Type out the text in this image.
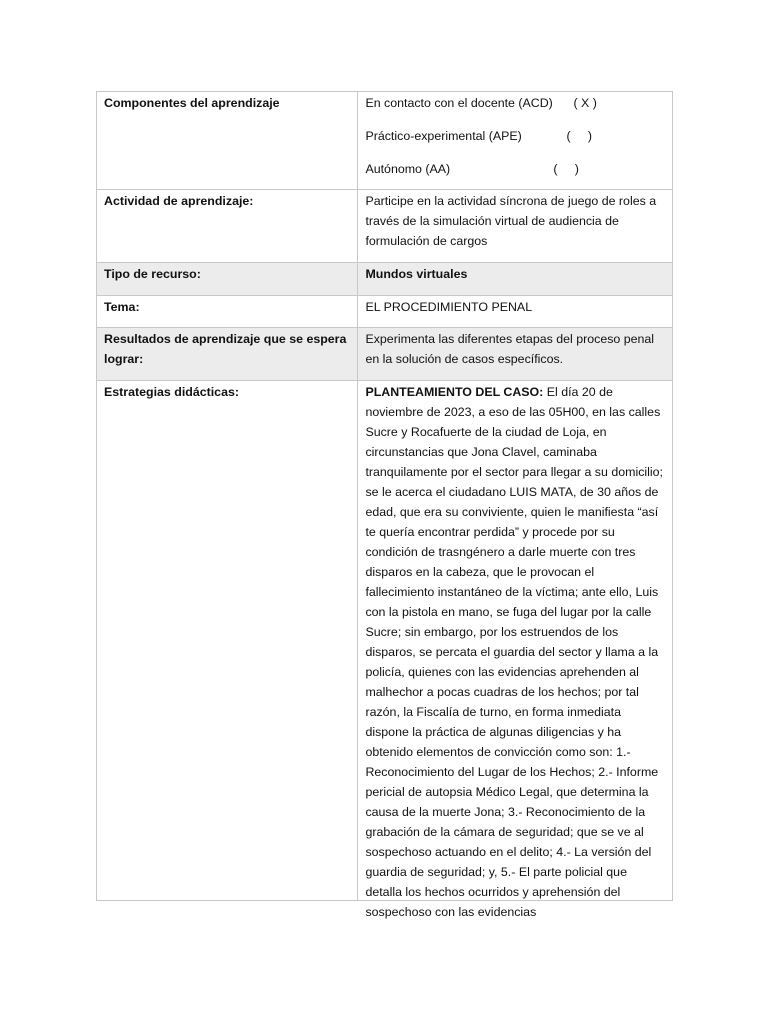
Componentes del aprendizaje	En contacto con el docente (ACD)      ( X )
Práctico-experimental (APE)             (     )
Autónomo (AA)                              (     )

Actividad de aprendizaje:	Participe en la actividad síncrona de juego de roles a través de la simulación virtual de audiencia de formulación de cargos
Tipo de recurso:	Mundos virtuales
Tema:	EL PROCEDIMIENTO PENAL
Resultados de aprendizaje que se espera lograr:	Experimenta las diferentes etapas del proceso penal en la solución de casos específicos.
Estrategias didácticas:	PLANTEAMIENTO DEL CASO: El día 20 de noviembre de 2023, a eso de las 05H00, en las calles Sucre y Rocafuerte de la ciudad de Loja, en circunstancias que Jona Clavel, caminaba tranquilamente por el sector para llegar a su domicilio; se le acerca el ciudadano LUIS MATA, de 30 años de edad, que era su conviviente, quien le manifiesta “así te quería encontrar perdida” y procede por su condición de trasngénero a darle muerte con tres disparos en la cabeza, que le provocan el fallecimiento instantáneo de la víctima; ante ello, Luis con la pistola en mano, se fuga del lugar por la calle Sucre; sin embargo, por los estruendos de los disparos, se percata el guardia del sector y llama a la policía, quienes con las evidencias aprehenden al malhechor a pocas cuadras de los hechos; por tal razón, la Fiscalía de turno, en forma inmediata dispone la práctica de algunas diligencias y ha obtenido elementos de convicción como son: 1.- Reconocimiento del Lugar de los Hechos; 2.- Informe pericial de autopsia Médico Legal, que determina la causa de la muerte Jona; 3.- Reconocimiento de la grabación de la cámara de seguridad; que se ve al sospechoso actuando en el delito; 4.- La versión del guardia de seguridad; y, 5.- El parte policial que detalla los hechos ocurridos y aprehensión del sospechoso con las evidencias
